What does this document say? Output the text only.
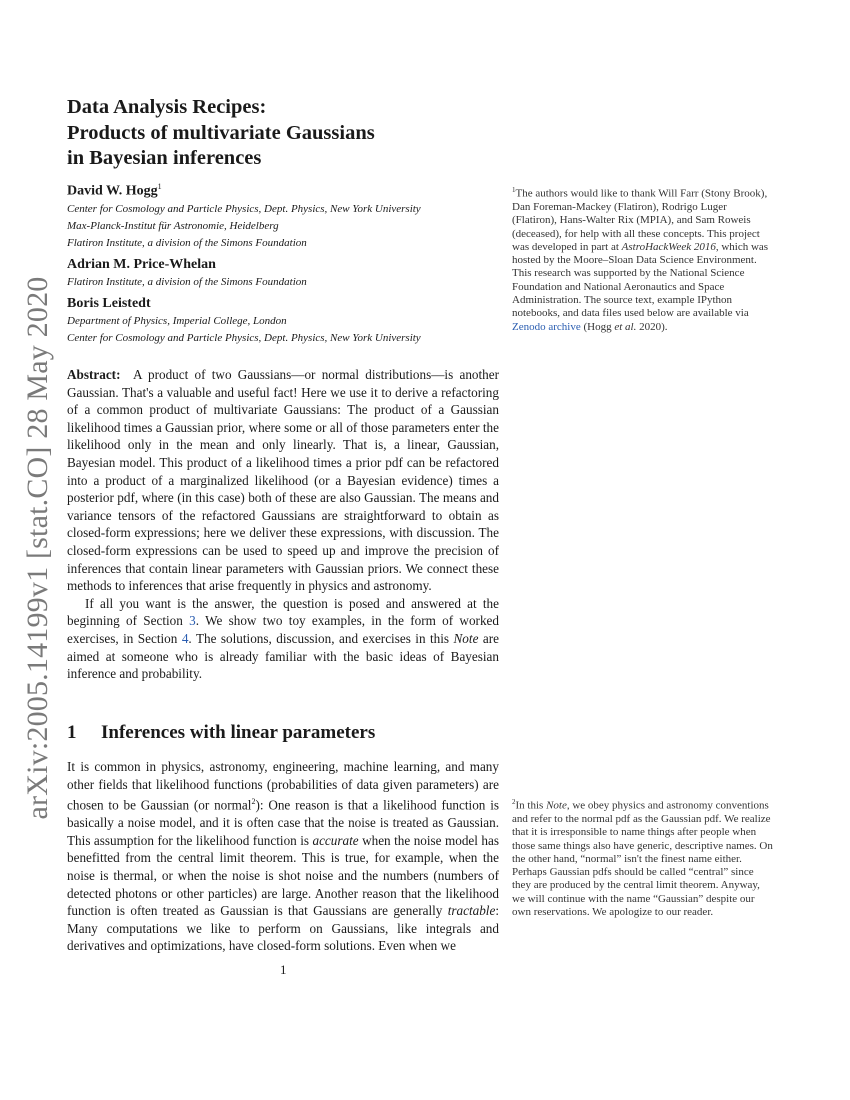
arXiv:2005.14199v1 [stat.CO] 28 May 2020
Data Analysis Recipes:
Products of multivariate Gaussians
in Bayesian inferences
David W. Hogg$^1$
Center for Cosmology and Particle Physics, Dept. Physics, New York University
Max-Planck-Institut für Astronomie, Heidelberg
Flatiron Institute, a division of the Simons Foundation
Adrian M. Price-Whelan
Flatiron Institute, a division of the Simons Foundation
Boris Leistedt
Department of Physics, Imperial College, London
Center for Cosmology and Particle Physics, Dept. Physics, New York University

Abstract: A product of two Gaussians—or normal distributions—is another Gaussian. That's a valuable and useful fact! Here we use it to derive a refactoring of a common product of multivariate Gaussians: The product of a Gaussian likelihood times a Gaussian prior, where some or all of those parameters enter the likelihood only in the mean and only linearly. That is, a linear, Gaussian, Bayesian model. This product of a likelihood times a prior pdf can be refactored into a product of a marginalized likelihood (or a Bayesian evidence) times a posterior pdf, where (in this case) both of these are also Gaussian. The means and variance tensors of the refactored Gaussians are straightforward to obtain as closed-form expressions; here we deliver these expressions, with discussion. The closed-form expressions can be used to speed up and improve the precision of inferences that contain linear parameters with Gaussian priors. We connect these methods to inferences that arise frequently in physics and astronomy.

If all you want is the answer, the question is posed and answered at the beginning of Section 3. We show two toy examples, in the form of worked exercises, in Section 4. The solutions, discussion, and exercises in this Note are aimed at someone who is already familiar with the basic ideas of Bayesian inference and probability.

1 Inferences with linear parameters

It is common in physics, astronomy, engineering, machine learning, and many other fields that likelihood functions (probabilities of data given parameters) are chosen to be Gaussian (or normal$^2$): One reason is that a likelihood function is basically a noise model, and it is often case that the noise is treated as Gaussian. This assumption for the likelihood function is accurate when the noise model has benefitted from the central limit theorem. This is true, for example, when the noise is thermal, or when the noise is shot noise and the numbers (numbers of detected photons or other particles) are large. Another reason that the likelihood function is often treated as Gaussian is that Gaussians are generally tractable: Many computations we like to perform on Gaussians, like integrals and derivatives and optimizations, have closed-form solutions. Even when we

$^1$The authors would like to thank Will Farr (Stony Brook), Dan Foreman-Mackey (Flatiron), Rodrigo Luger (Flatiron), Hans-Walter Rix (MPIA), and Sam Roweis (deceased), for help with all these concepts. This project was developed in part at AstroHackWeek 2016, which was hosted by the Moore–Sloan Data Science Environment. This research was supported by the National Science Foundation and National Aeronautics and Space Administration. The source text, example IPython notebooks, and data files used below are available via Zenodo archive (Hogg et al. 2020).
$^2$In this Note, we obey physics and astronomy conventions and refer to the normal pdf as the Gaussian pdf. We realize that it is irresponsible to name things after people when those same things also have generic, descriptive names. On the other hand, “normal” isn't the finest name either. Perhaps Gaussian pdfs should be called “central” since they are produced by the central limit theorem. Anyway, we will continue with the name “Gaussian” despite our own reservations. We apologize to our reader.
1
